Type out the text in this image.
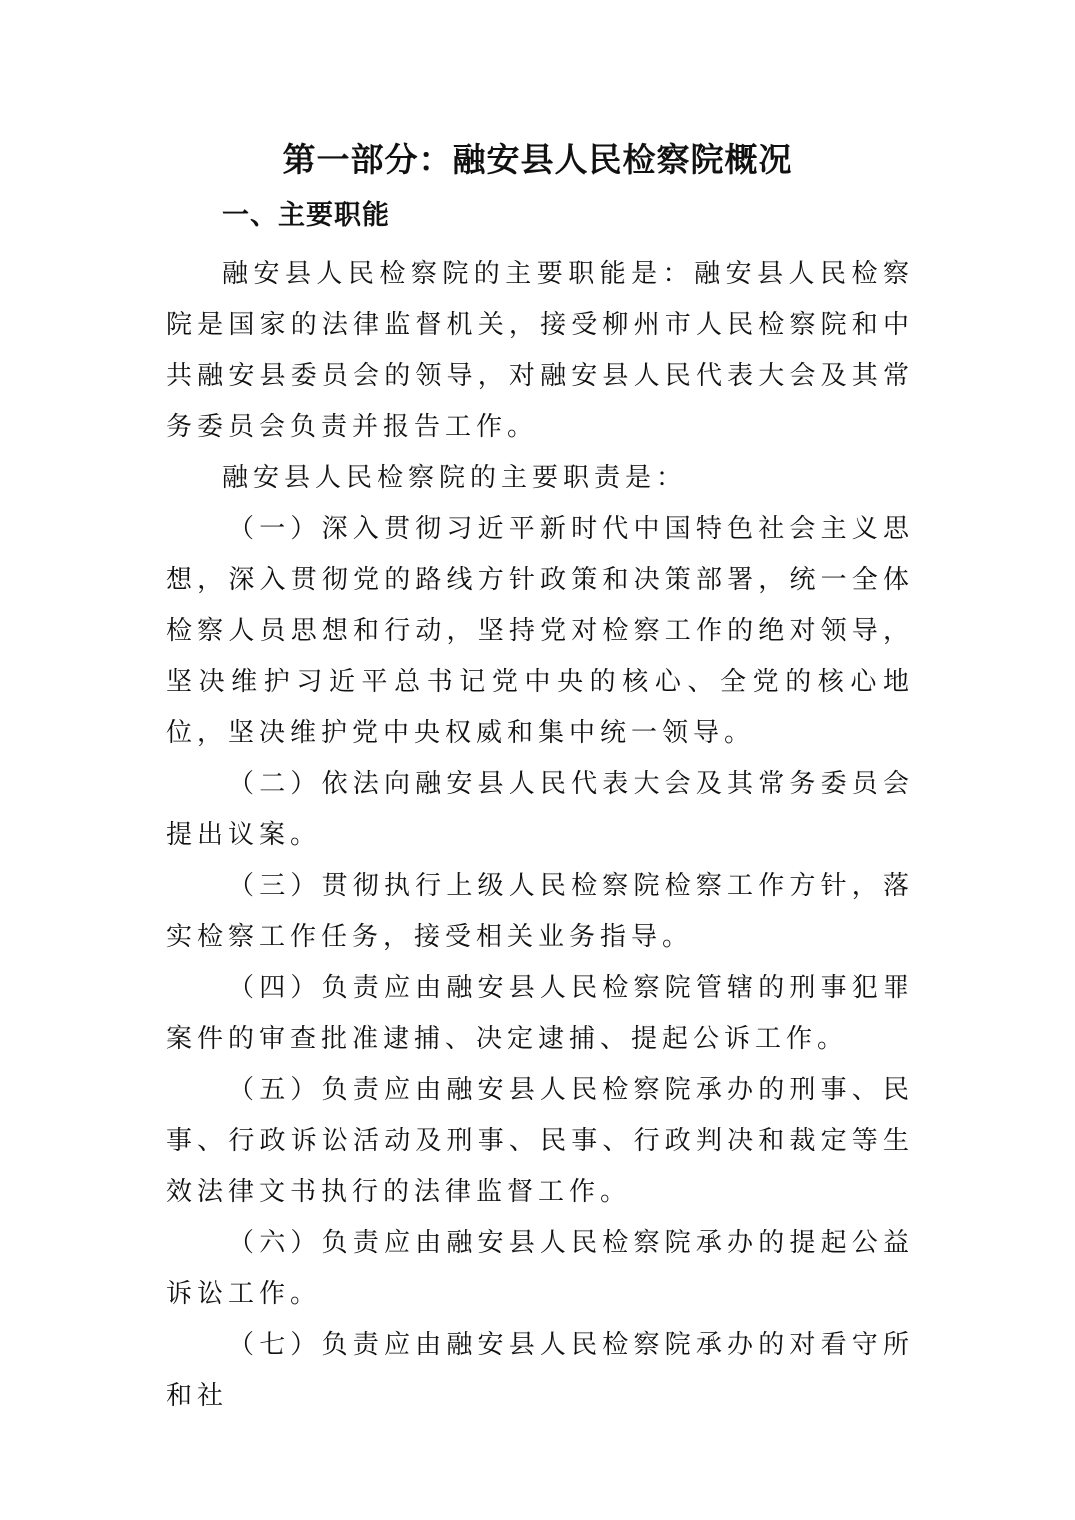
第一部分：融安县人民检察院概况
一、主要职能

融安县人民检察院的主要职能是：融安县人民检察院是国家的法律监督机关，接受柳州市人民检察院和中共融安县委员会的领导，对融安县人民代表大会及其常务委员会负责并报告工作。

融安县人民检察院的主要职责是：

（一）深入贯彻习近平新时代中国特色社会主义思想，深入贯彻党的路线方针政策和决策部署，统一全体检察人员思想和行动，坚持党对检察工作的绝对领导，坚决维护习近平总书记党中央的核心、全党的核心地位，坚决维护党中央权威和集中统一领导。

（二）依法向融安县人民代表大会及其常务委员会提出议案。

（三）贯彻执行上级人民检察院检察工作方针，落实检察工作任务，接受相关业务指导。

（四）负责应由融安县人民检察院管辖的刑事犯罪案件的审查批准逮捕、决定逮捕、提起公诉工作。

（五）负责应由融安县人民检察院承办的刑事、民事、行政诉讼活动及刑事、民事、行政判决和裁定等生效法律文书执行的法律监督工作。

（六）负责应由融安县人民检察院承办的提起公益诉讼工作。

（七）负责应由融安县人民检察院承办的对看守所和社
